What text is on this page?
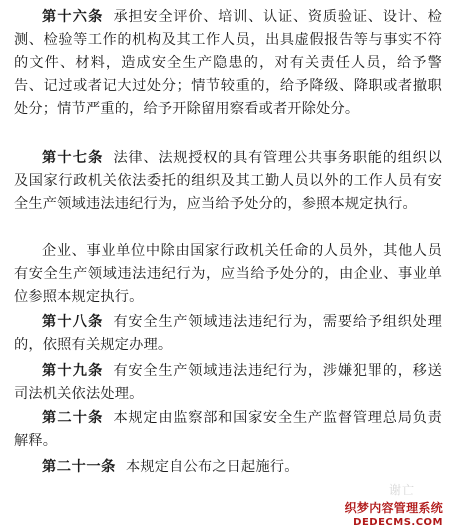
第十六条 承担安全评价、培训、认证、资质验证、设计、检测、检验等工作的机构及其工作人员，出具虚假报告等与事实不符的文件、材料，造成安全生产隐患的，对有关责任人员，给予警告、记过或者记大过处分；情节较重的，给予降级、降职或者撤职处分；情节严重的，给予开除留用察看或者开除处分。

第十七条 法律、法规授权的具有管理公共事务职能的组织以及国家行政机关依法委托的组织及其工勤人员以外的工作人员有安全生产领域违法违纪行为，应当给予处分的，参照本规定执行。

企业、事业单位中除由国家行政机关任命的人员外，其他人员有安全生产领域违法违纪行为，应当给予处分的，由企业、事业单位参照本规定执行。

第十八条 有安全生产领域违法违纪行为，需要给予组织处理的，依照有关规定办理。

第十九条 有安全生产领域违法违纪行为，涉嫌犯罪的，移送司法机关依法处理。

第二十条 本规定由监察部和国家安全生产监督管理总局负责解释。

第二十一条 本规定自公布之日起施行。

谢亡
织梦内容管理系统
DEDECMS.COM
